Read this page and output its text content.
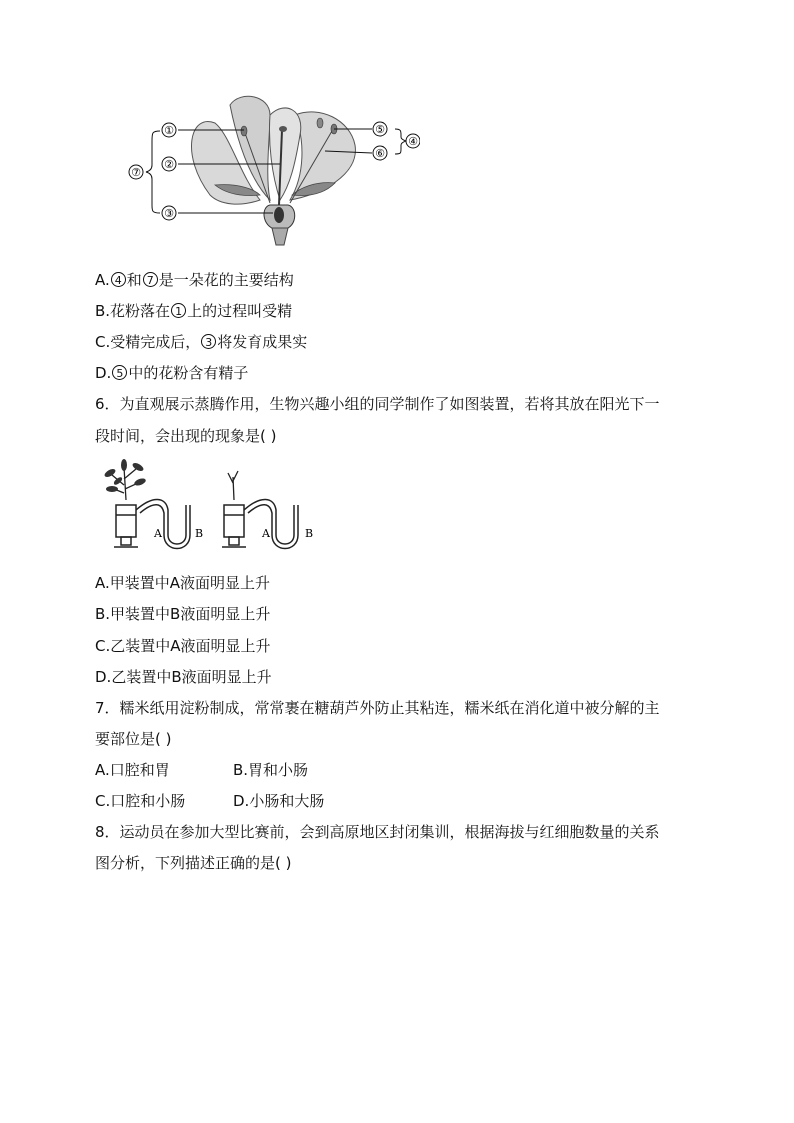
①
②
③
⑤
⑥
④
⑦
A. 4 和 7 是一朵花的主要结构
B.花粉落在 1 上的过程叫受精
C.受精完成后， 3 将发育成果实
D. 5 中的花粉含有精子
6．为直观展示蒸腾作用，生物兴趣小组的同学制作了如图装置，若将其放在阳光下一
段时间，会出现的现象是( )
A	B	A	B
A.甲装置中A液面明显上升
B.甲装置中B液面明显上升
C.乙装置中A液面明显上升
D.乙装置中B液面明显上升
7．糯米纸用淀粉制成，常常裹在糖葫芦外防止其粘连，糯米纸在消化道中被分解的主
要部位是( )
A.口腔和胃	B.胃和小肠
C.口腔和小肠	D.小肠和大肠
8．运动员在参加大型比赛前，会到高原地区封闭集训，根据海拔与红细胞数量的关系
图分析，下列描述正确的是( )
